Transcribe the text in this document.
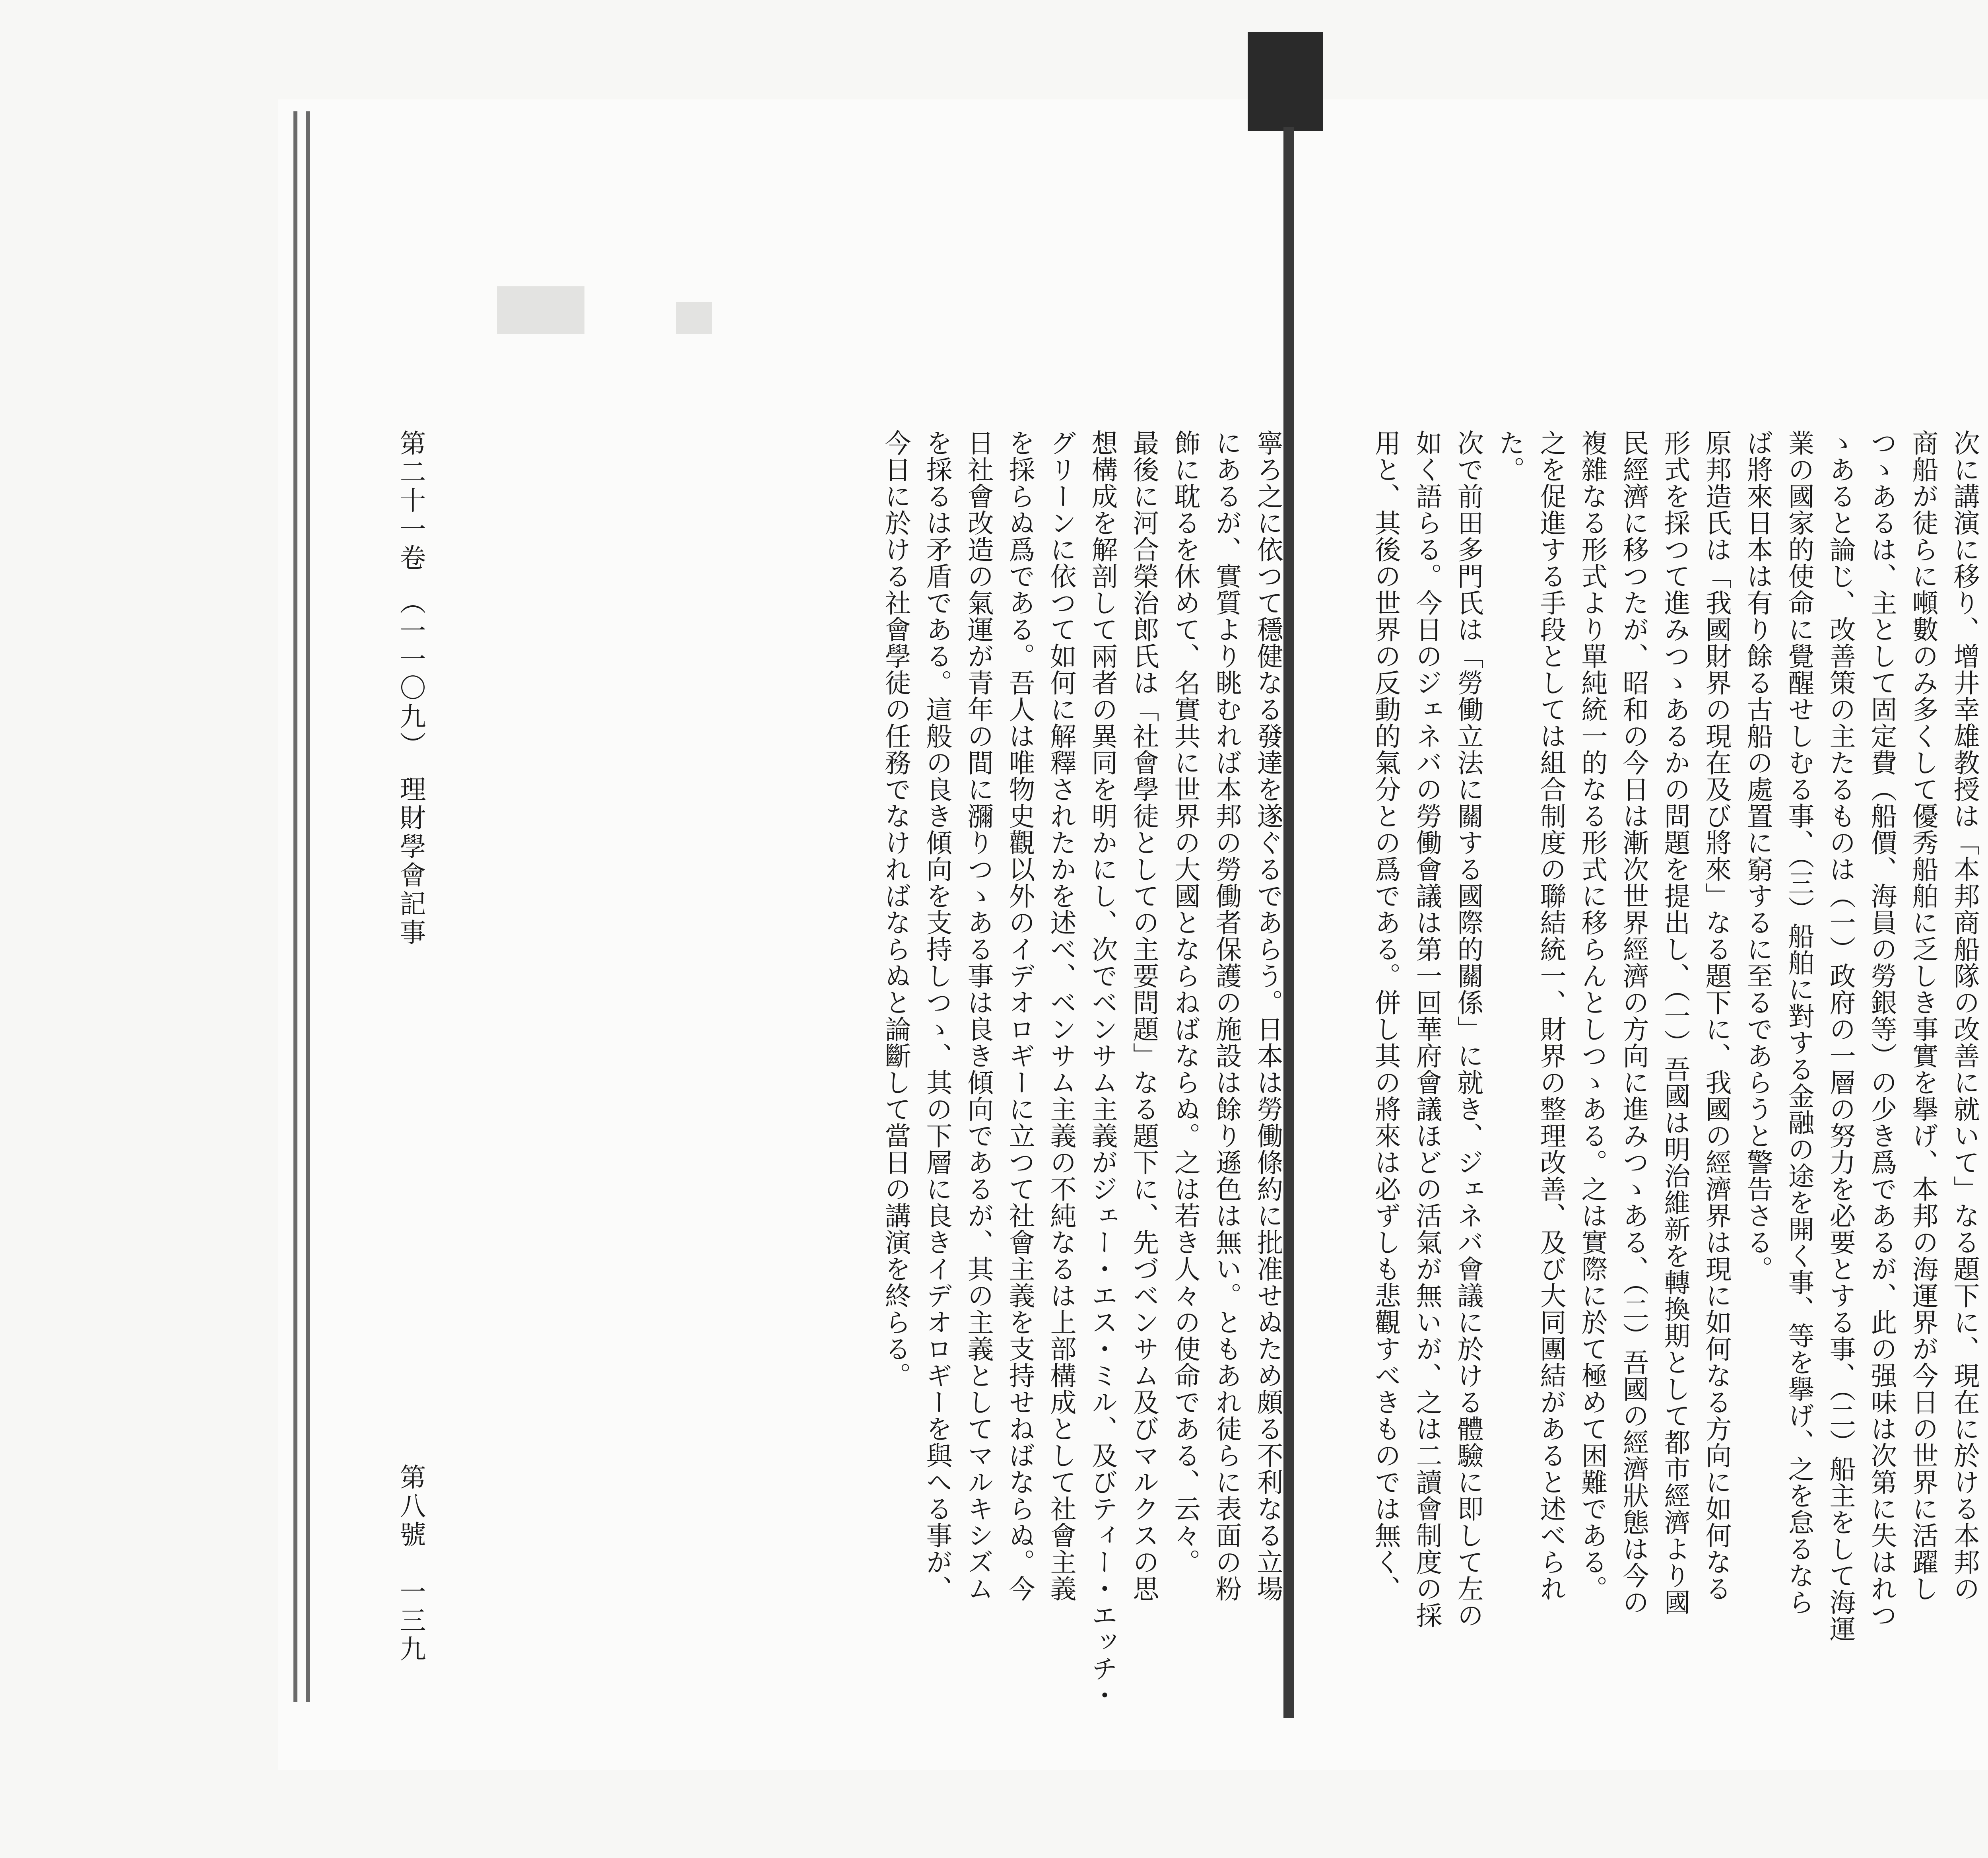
次に講演に移り、增井幸雄教授は「本邦商船隊の改善に就いて」なる題下に、現在に於ける本邦の
商船が徒らに噸數のみ多くして優秀船舶に乏しき事實を擧げ、本邦の海運界が今日の世界に活躍し
つゝあるは、主として固定費（船價、海員の勞銀等）の少き爲であるが、此の强味は次第に失はれつ
ゝあると論じ、改善策の主たるものは（一）政府の一層の努力を必要とする事、（二）船主をして海運
業の國家的使命に覺醒せしむる事、（三）船舶に對する金融の途を開く事、等を擧げ、之を怠るなら
ば將來日本は有り餘る古船の處置に窮するに至るであらうと警告さる。
原邦造氏は「我國財界の現在及び將來」なる題下に、我國の經濟界は現に如何なる方向に如何なる
形式を採つて進みつゝあるかの問題を提出し、（一）吾國は明治維新を轉換期として都市經濟より國
民經濟に移つたが、昭和の今日は漸次世界經濟の方向に進みつゝある、（二）吾國の經濟狀態は今の
複雜なる形式より單純統一的なる形式に移らんとしつゝある。之は實際に於て極めて困難である。
之を促進する手段としては組合制度の聯結統一、財界の整理改善、及び大同團結があると述べられ
た。
次で前田多門氏は「勞働立法に關する國際的關係」に就き、ジェネバ會議に於ける體驗に即して左の
如く語らる。今日のジェネバの勞働會議は第一回華府會議ほどの活氣が無いが、之は二讀會制度の採
用と、其後の世界の反動的氣分との爲である。併し其の將來は必ずしも悲觀すべきものでは無く、
第二十一卷　（一一〇九）　理財學會記事
第八號　一三九	寧ろ之に依つて穩健なる發達を遂ぐるであらう。日本は勞働條約に批准せぬため頗る不利なる立場
にあるが、實質より眺むれば本邦の勞働者保護の施設は餘り遜色は無い。ともあれ徒らに表面の粉
飾に耽るを休めて、名實共に世界の大國とならねばならぬ。之は若き人々の使命である、云々。
最後に河合榮治郎氏は「社會學徒としての主要問題」なる題下に、先づベンサム及びマルクスの思
想構成を解剖して兩者の異同を明かにし、次でベンサム主義がジェー・エス・ミル、及びティー・エッチ・
グリーンに依つて如何に解釋されたかを述べ、ベンサム主義の不純なるは上部構成として社會主義
を採らぬ爲である。吾人は唯物史觀以外のイデオロギーに立つて社會主義を支持せねばならぬ。今
日社會改造の氣運が青年の間に瀰りつゝある事は良き傾向であるが、其の主義としてマルキシズム
を採るは矛盾である。這般の良き傾向を支持しつゝ、其の下層に良きイデオロギーを與へる事が、
今日に於ける社會學徒の任務でなければならぬと論斷して當日の講演を終らる。
